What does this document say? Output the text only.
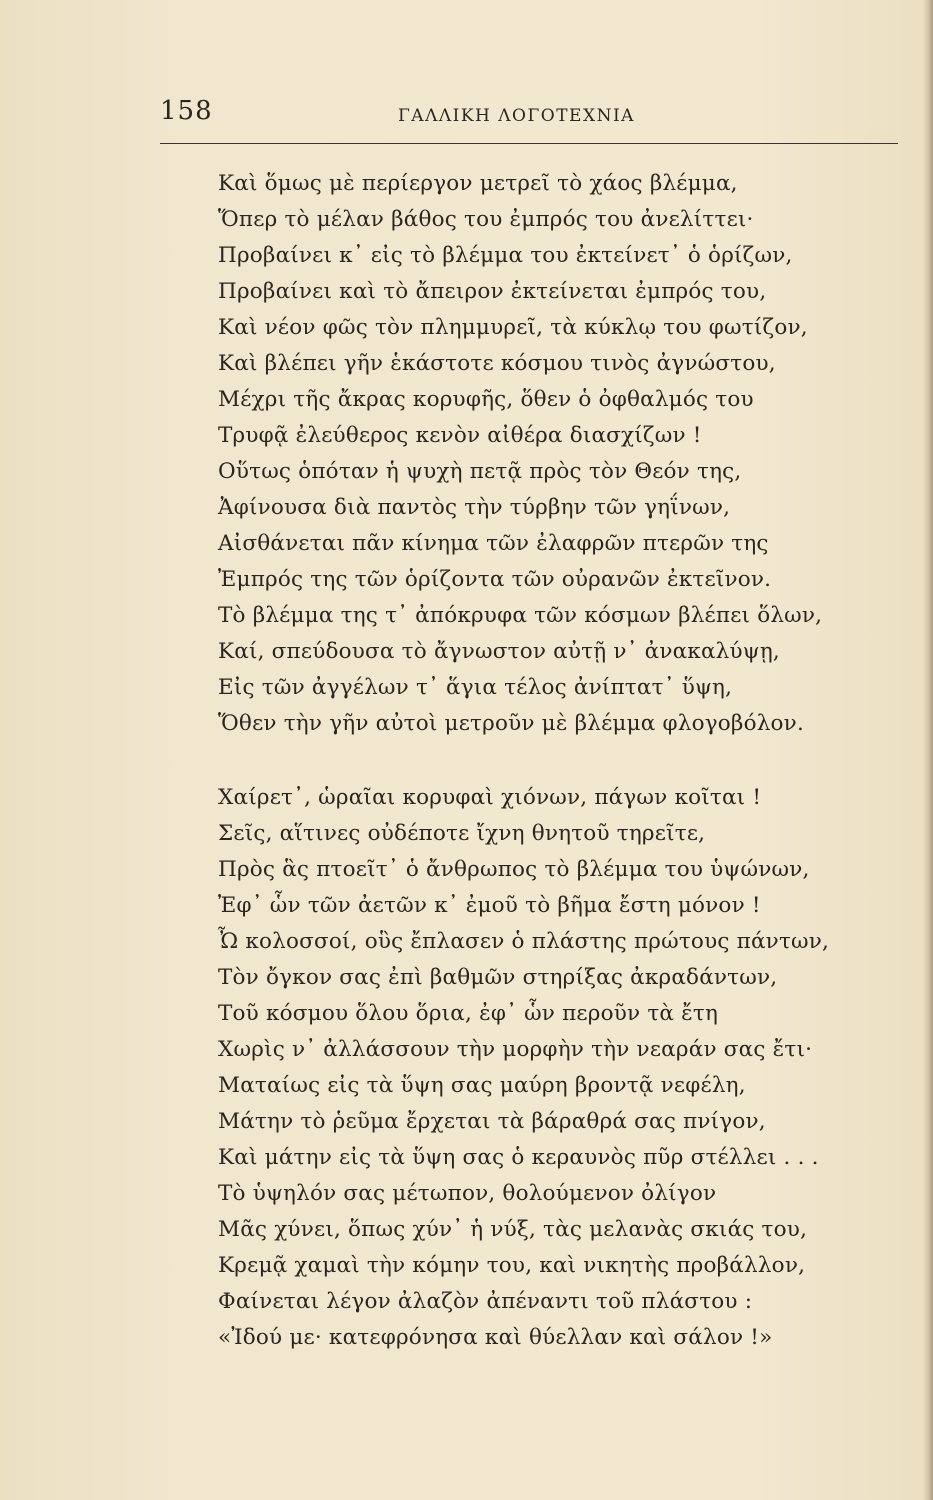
158	ΓΑΛΛΙΚΗ ΛΟΓΟΤΕΧΝΙΑ
Καὶ ὅμως μὲ περίεργον μετρεῖ τὸ χάος βλέμμα,
Ὅπερ τὸ μέλαν βάθος του ἐμπρός του ἀνελίττει·
Προβαίνει κ᾽ εἰς τὸ βλέμμα του ἐκτείνετ᾽ ὁ ὁρίζων,
Προβαίνει καὶ τὸ ἄπειρον ἐκτείνεται ἐμπρός του,
Καὶ νέον φῶς τὸν πλημμυρεῖ, τὰ κύκλῳ του φωτίζον,
Καὶ βλέπει γῆν ἑκάστοτε κόσμου τινὸς ἀγνώστου,
Μέχρι τῆς ἄκρας κορυφῆς, ὅθεν ὁ ὀφθαλμός του
Τρυφᾷ ἐλεύθερος κενὸν αἰθέρα διασχίζων !
Οὕτως ὁπόταν ἡ ψυχὴ πετᾷ πρὸς τὸν Θεόν της,
Ἀφίνουσα διὰ παντὸς τὴν τύρβην τῶν γηΐνων,
Αἰσθάνεται πᾶν κίνημα τῶν ἐλαφρῶν πτερῶν της
Ἐμπρός της τῶν ὁρίζοντα τῶν οὐρανῶν ἐκτεῖνον.
Τὸ βλέμμα της τ᾽ ἀπόκρυφα τῶν κόσμων βλέπει ὅλων,
Καί, σπεύδουσα τὸ ἄγνωστον αὐτῇ ν᾽ ἀνακαλύψῃ,
Εἰς τῶν ἀγγέλων τ᾽ ἅγια τέλος ἀνίπτατ᾽ ὕψη,
Ὅθεν τὴν γῆν αὐτοὶ μετροῦν μὲ βλέμμα φλογοβόλον.
Χαίρετ᾽, ὡραῖαι κορυφαὶ χιόνων, πάγων κοῖται !
Σεῖς, αἵτινες οὐδέποτε ἴχνη θνητοῦ τηρεῖτε,
Πρὸς ἃς πτοεῖτ᾽ ὁ ἄνθρωπος τὸ βλέμμα του ὑψώνων,
Ἐφ᾽ ὧν τῶν ἀετῶν κ᾽ ἐμοῦ τὸ βῆμα ἔστη μόνον !
Ὦ κολοσσοί, οὓς ἔπλασεν ὁ πλάστης πρώτους πάντων,
Τὸν ὄγκον σας ἐπὶ βαθμῶν στηρίξας ἀκραδάντων,
Τοῦ κόσμου ὅλου ὅρια, ἐφ᾽ ὧν περοῦν τὰ ἔτη
Χωρὶς ν᾽ ἀλλάσσουν τὴν μορφὴν τὴν νεαράν σας ἔτι·
Ματαίως εἰς τὰ ὕψη σας μαύρη βροντᾷ νεφέλη,
Μάτην τὸ ῥεῦμα ἔρχεται τὰ βάραθρά σας πνίγον,
Καὶ μάτην εἰς τὰ ὕψη σας ὁ κεραυνὸς πῦρ στέλλει . . .
Τὸ ὑψηλόν σας μέτωπον, θολούμενον ὀλίγον
Μᾶς χύνει, ὅπως χύν᾽ ἡ νύξ, τὰς μελανὰς σκιάς του,
Κρεμᾷ χαμαὶ τὴν κόμην του, καὶ νικητὴς προβάλλον,
Φαίνεται λέγον ἀλαζὸν ἀπέναντι τοῦ πλάστου :
«Ἰδού με· κατεφρόνησα καὶ θύελλαν καὶ σάλον !»
